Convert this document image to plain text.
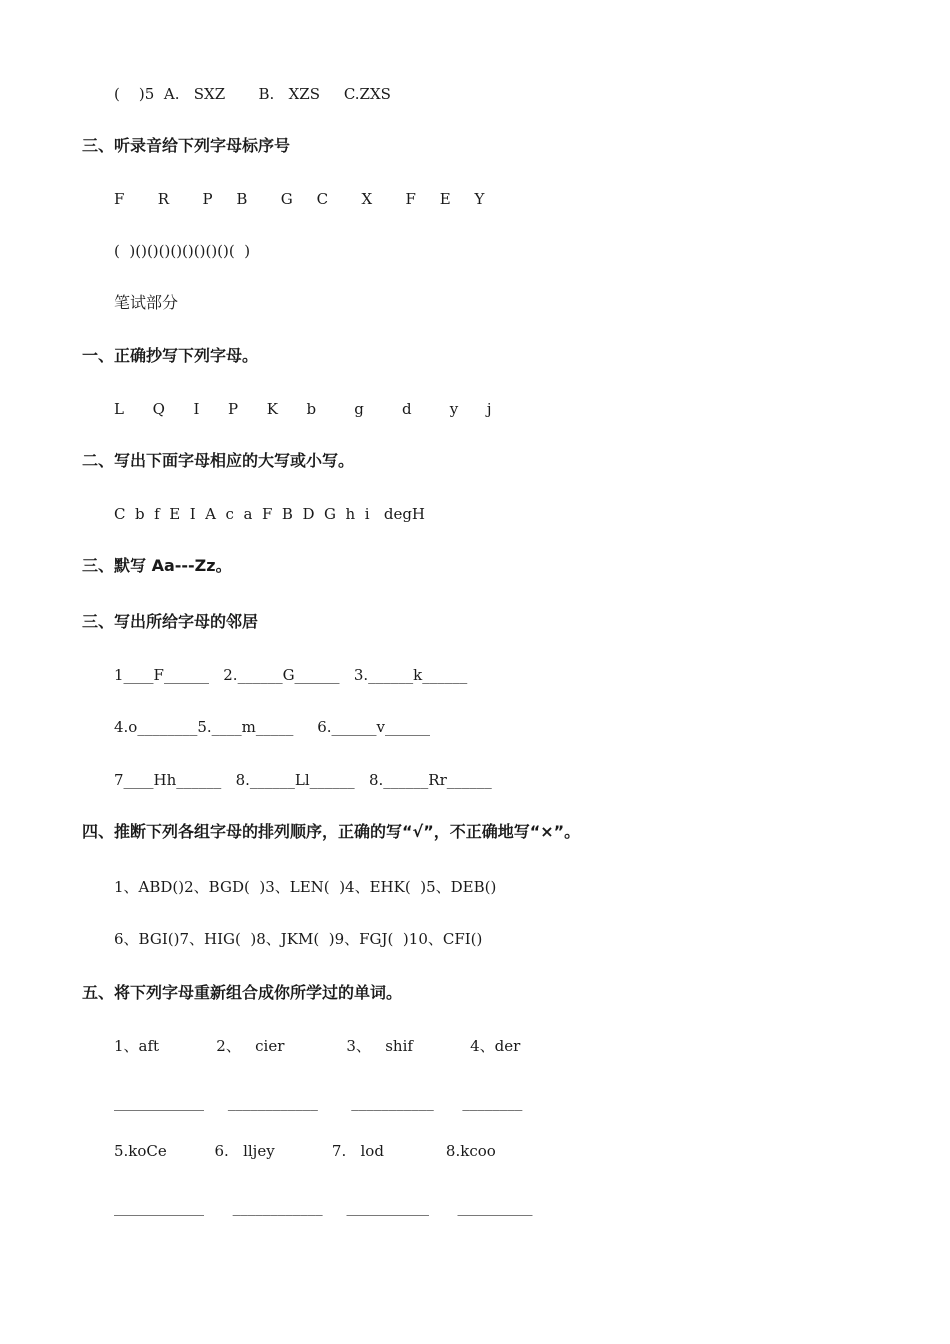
(    )5  A.   SXZ       B.   XZS     C.ZXS
三、听录音给下列字母标序号
F       R       P     B       G     C       X       F     E     Y
(  )()()()()()()()()(  )
笔试部分
一、正确抄写下列字母。
L      Q      I      P      K      b        g        d        y      j
二、写出下面字母相应的大写或小写。
C  b  f  E  I  A  c  a  F  B  D  G  h  i   degH
三、默写 Aa---Zz。
三、写出所给字母的邻居
1____F______   2.______G______   3.______k______
4.o________5.____m_____     6.______v______
7____Hh______   8.______Ll______   8.______Rr______
四、推断下列各组字母的排列顺序，正确的写“√”，不正确地写“×”。
1、ABD()2、BGD(  )3、LEN(  )4、EHK(  )5、DEB()
6、BGI()7、HIG(  )8、JKM(  )9、FGJ(  )10、CFI()
五、将下列字母重新组合成你所学过的单词。
1、aft            2、   cier             3、   shif            4、der
____________     ____________       ___________      ________
5.koCe          6.   lljey            7.   lod             8.kcoo
____________      ____________     ___________      __________
